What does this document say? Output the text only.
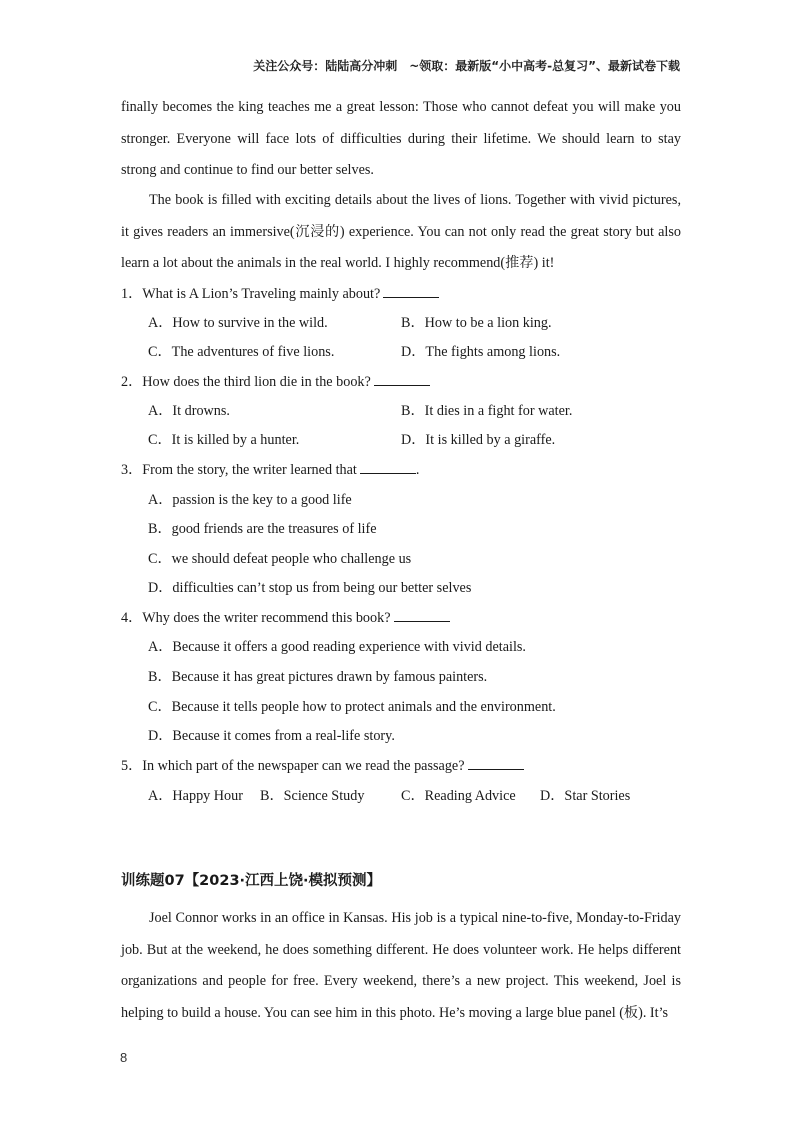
关注公众号：陆陆高分冲刺　~领取：最新版“小中高考-总复习”、最新试卷下载

finally becomes the king teaches me a great lesson: Those who cannot defeat you will make you stronger. Everyone will face lots of difficulties during their lifetime. We should learn to stay strong and continue to find our better selves.

The book is filled with exciting details about the lives of lions. Together with vivid pictures, it gives readers an immersive(沉浸的) experience. You can not only read the great story but also learn a lot about the animals in the real world. I highly recommend(推荐) it!

1．What is A Lion’s Traveling mainly about?
A．How to survive in the wild.	B．How to be a lion king.
C．The adventures of five lions.	D．The fights among lions.
2．How does the third lion die in the book?
A．It drowns.	B．It dies in a fight for water.
C．It is killed by a hunter.	D．It is killed by a giraffe.
3．From the story, the writer learned that	.
A．passion is the key to a good life
B．good friends are the treasures of life
C．we should defeat people who challenge us
D．difficulties can’t stop us from being our better selves
4．Why does the writer recommend this book?
A．Because it offers a good reading experience with vivid details.
B．Because it has great pictures drawn by famous painters.
C．Because it tells people how to protect animals and the environment.
D．Because it comes from a real-life story.
5．In which part of the newspaper can we read the passage?
A．Happy Hour B．Science Study	C．Reading Advice D．Star Stories
训练题07【2023·江西上饶·模拟预测】

Joel Connor works in an office in Kansas. His job is a typical nine-to-five, Monday-to-Friday job. But at the weekend, he does something different. He does volunteer work. He helps different organizations and people for free. Every weekend, there’s a new project. This weekend, Joel is helping to build a house. You can see him in this photo. He’s moving a large blue panel (板). It’s

8
